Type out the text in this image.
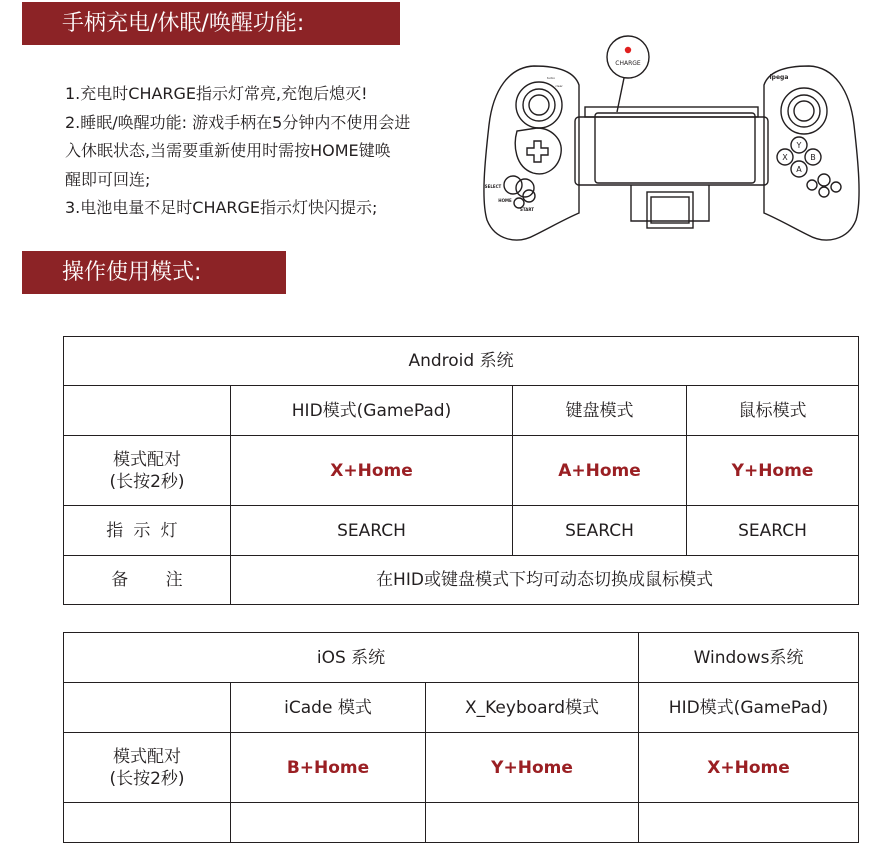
手柄充电/休眠/唤醒功能:
1.充电时CHARGE指示灯常亮,充饱后熄灭!
2.睡眠/唤醒功能: 游戏手柄在5分钟内不使用会进
入休眠状态,当需要重新使用时需按HOME键唤
醒即可回连;
3.电池电量不足时CHARGE指示灯快闪提示;
CHARGE
ipega
turbo
clear
SELECT
HOME
START
Y
X	B
A
操作使用模式:
Android 系统			
	HID模式(GamePad)	键盘模式	鼠标模式

模式配对
(长按2秒)	X+Home	A+Home	Y+Home
指示灯	SEARCH	SEARCH	SEARCH
备注	在HID或键盘模式下均可动态切换成鼠标模式		
iOS 系统			Windows系统
	iCade 模式	X_Keyboard模式	HID模式(GamePad)

模式配对
(长按2秒)	B+Home	Y+Home	X+Home
